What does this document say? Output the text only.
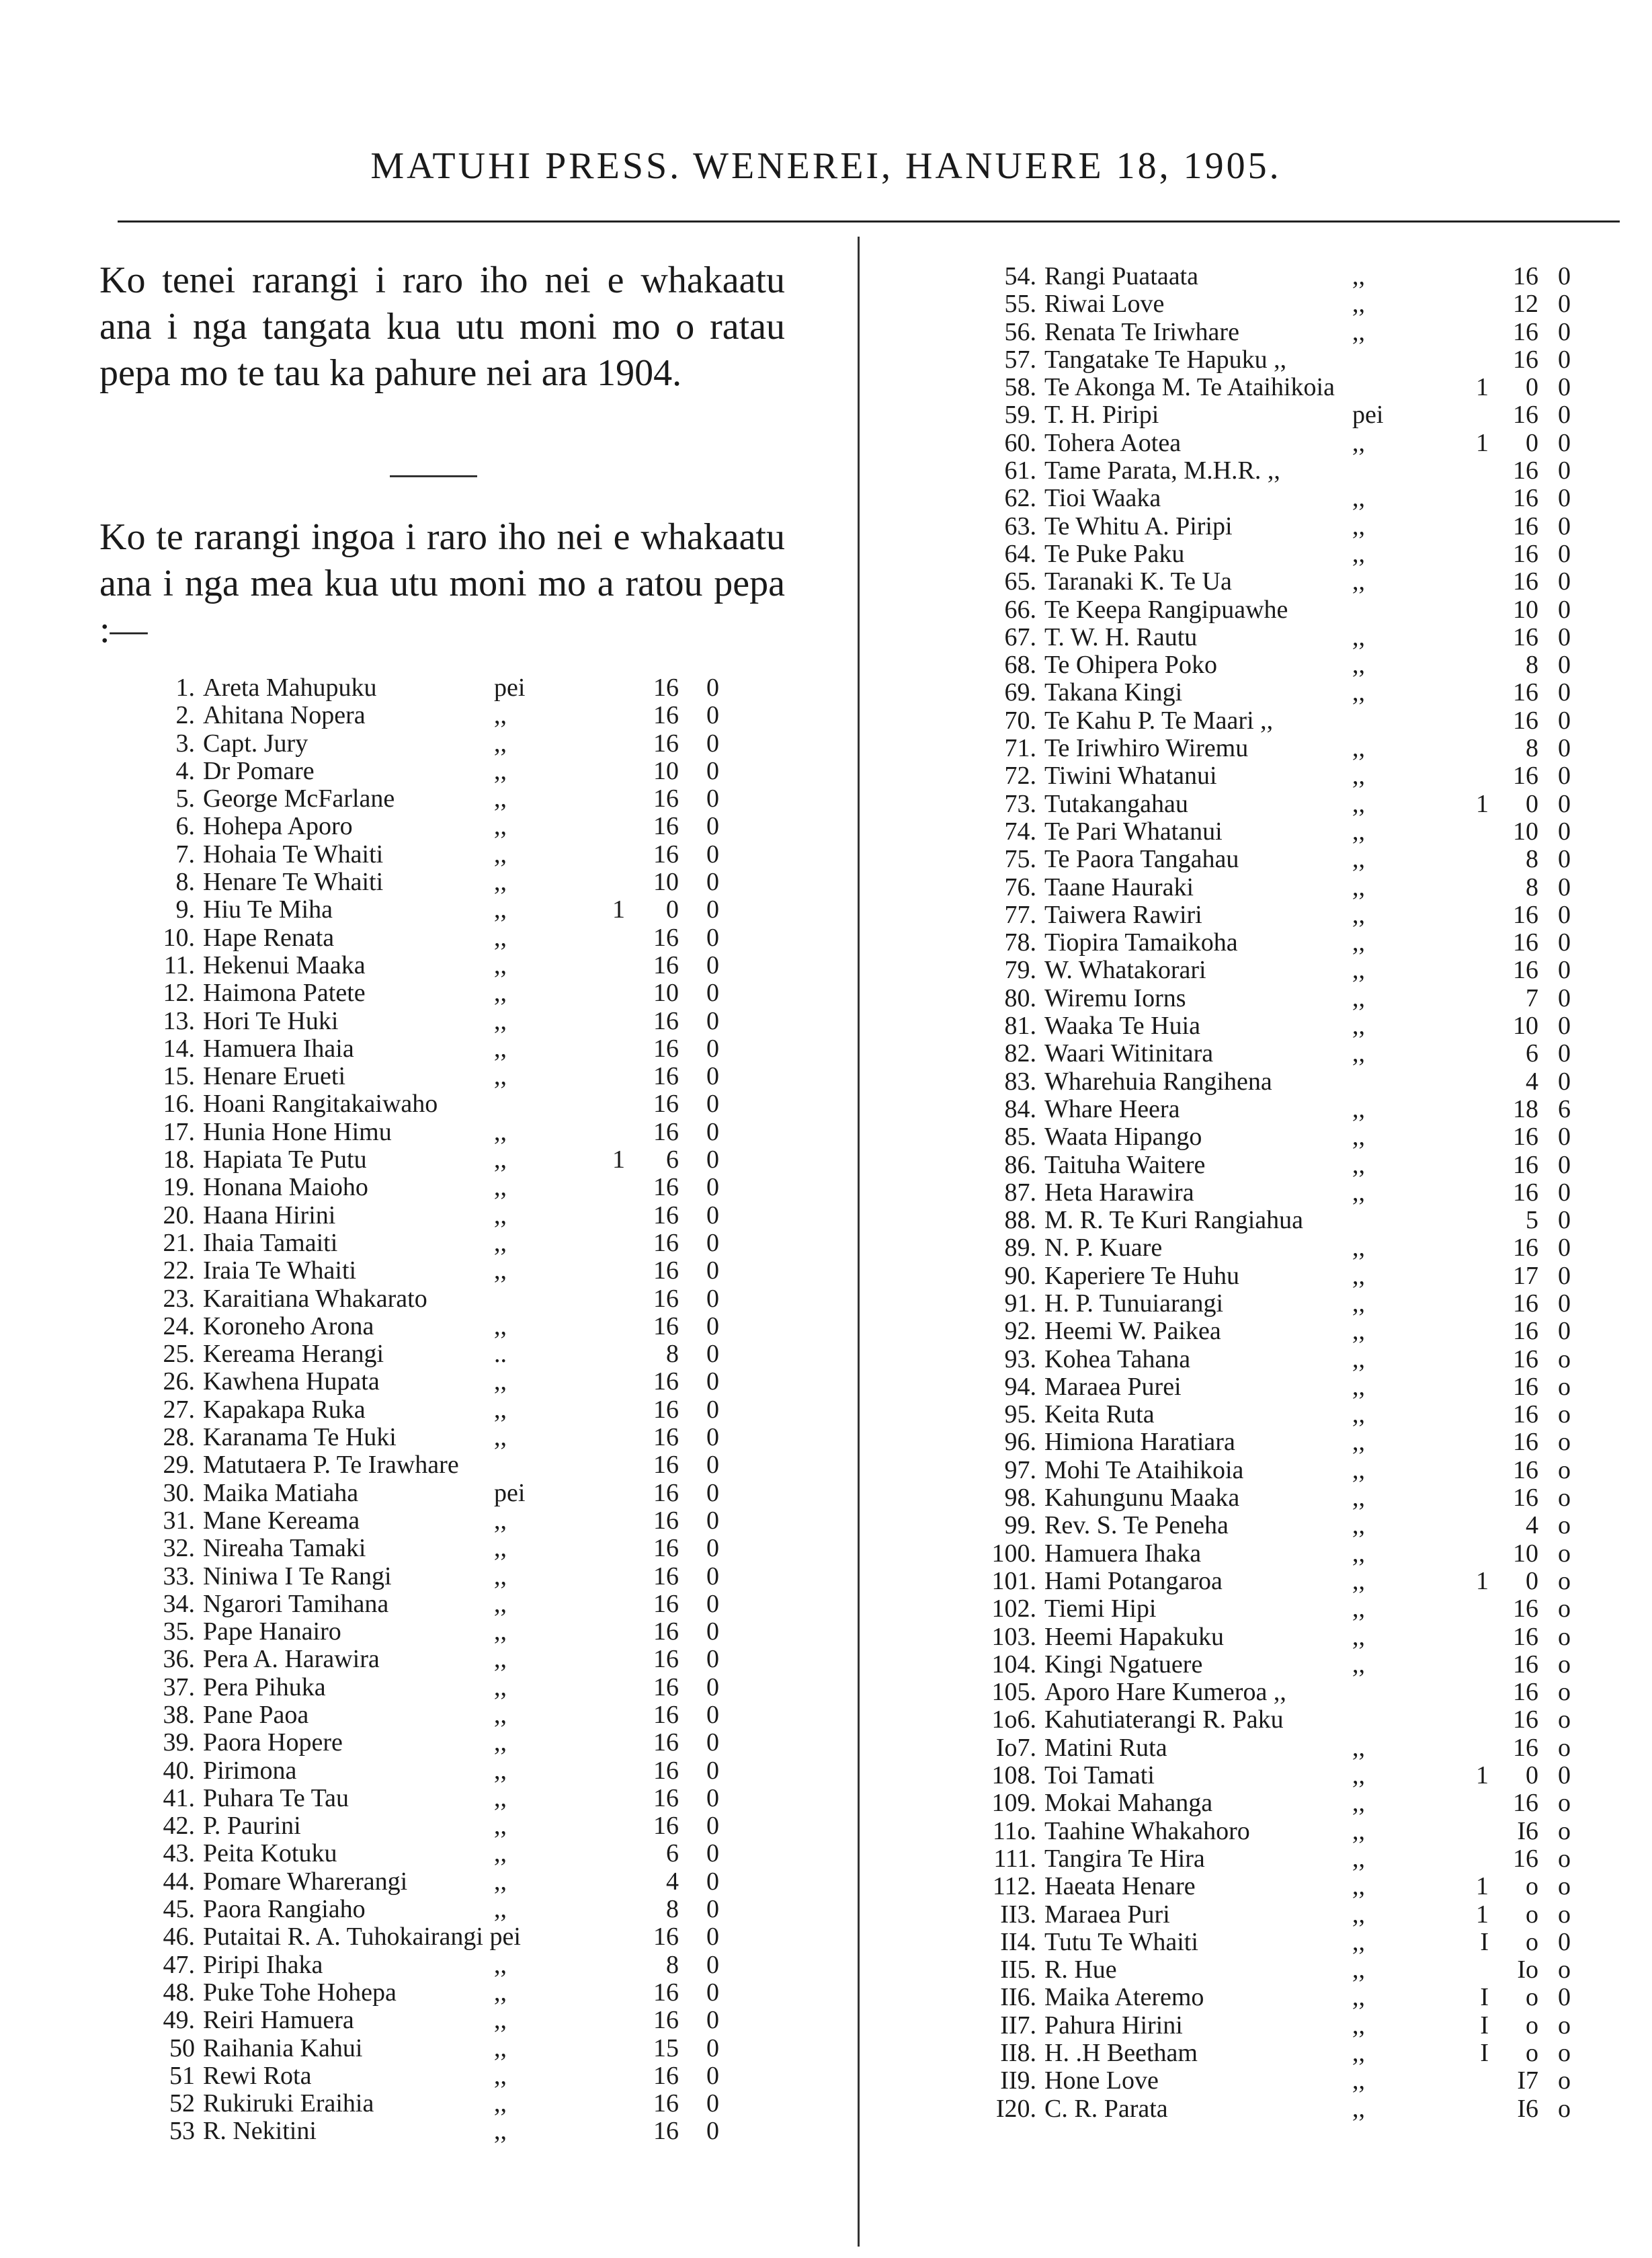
MATUHI PRESS. WENEREI, HANUERE 18, 1905.

Ko tenei rarangi i raro iho nei e whakaatu ana i nga tangata kua utu moni mo o ratau pepa mo te tau ka pahure nei ara 1904.

Ko te rarangi ingoa i raro iho nei e whakaatu ana i nga mea kua utu moni mo a ratou pepa :—

1. Areta Mahupuku	pei	16	0
2. Ahitana Nopera	,,	16	0
3. Capt. Jury	,,	16	0
4. Dr Pomare	,,	10	0
5. George McFarlane	,,	16	0
6. Hohepa Aporo	,,	16	0
7. Hohaia Te Whaiti	,,	16	0
8. Henare Te Whaiti	,,	10	0
9. Hiu Te Miha	,,	1	0	0
10. Hape Renata	,,	16	0
11. Hekenui Maaka	,,	16	0
12. Haimona Patete	,,	10	0
13. Hori Te Huki	,,	16	0
14. Hamuera Ihaia	,,	16	0
15. Henare Erueti	,,	16	0
16. Hoani Rangitakaiwaho	16	0
17. Hunia Hone Himu	,,	16	0
18. Hapiata Te Putu	,,	1	6	0
19. Honana Maioho	,,	16	0
20. Haana Hirini	,,	16	0
21. Ihaia Tamaiti	,,	16	0
22. Iraia Te Whaiti	,,	16	0
23. Karaitiana Whakarato	16	0
24. Koroneho Arona	,,	16	0
25. Kereama Herangi	..	8	0
26. Kawhena Hupata	,,	16	0
27. Kapakapa Ruka	,,	16	0
28. Karanama Te Huki	,,	16	0
29. Matutaera P. Te Irawhare	16	0
30. Maika Matiaha	pei	16	0
31. Mane Kereama	,,	16	0
32. Nireaha Tamaki	,,	16	0
33. Niniwa I Te Rangi	,,	16	0
34. Ngarori Tamihana	,,	16	0
35. Pape Hanairo	,,	16	0
36. Pera A. Harawira	,,	16	0
37. Pera Pihuka	,,	16	0
38. Pane Paoa	,,	16	0
39. Paora Hopere	,,	16	0
40. Pirimona	,,	16	0
41. Puhara Te Tau	,,	16	0
42. P. Paurini	,,	16	0
43. Peita Kotuku	,,	6	0
44. Pomare Wharerangi	,,	4	0
45. Paora Rangiaho	,,	8	0
46. Putaitai R. A. Tuhokairangi pei	16	0
47. Piripi Ihaka	,,	8	0
48. Puke Tohe Hohepa	,,	16	0
49. Reiri Hamuera	,,	16	0
50 Raihania Kahui	,,	15	0
51 Rewi Rota	,,	16	0
52 Rukiruki Eraihia	,,	16	0
53 R. Nekitini	,,	16	0
54. Rangi Puataata	,,	16 0
55. Riwai Love	,,	12 0
56. Renata Te Iriwhare	,,	16 0
57. Tangatake Te Hapuku ,,	16 0
58. Te Akonga M. Te Ataihikoia	1	0 0
59. T. H. Piripi	pei	16 0
60. Tohera Aotea	,,	1	0 0
61. Tame Parata, M.H.R. ,,	16 0
62. Tioi Waaka	,,	16 0
63. Te Whitu A. Piripi	,,	16 0
64. Te Puke Paku	,,	16 0
65. Taranaki K. Te Ua	,,	16 0
66. Te Keepa Rangipuawhe	10 0
67. T. W. H. Rautu	,,	16 0
68. Te Ohipera Poko	,,	8 0
69. Takana Kingi	,,	16 0
70. Te Kahu P. Te Maari ,,	16 0
71. Te Iriwhiro Wiremu	,,	8 0
72. Tiwini Whatanui	,,	16 0
73. Tutakangahau	,,	1	0 0
74. Te Pari Whatanui	,,	10 0
75. Te Paora Tangahau	,,	8 0
76. Taane Hauraki	,,	8 0
77. Taiwera Rawiri	,,	16 0
78. Tiopira Tamaikoha	,,	16 0
79. W. Whatakorari	,,	16 0
80. Wiremu Iorns	,,	7 0
81. Waaka Te Huia	,,	10 0
82. Waari Witinitara	,,	6 0
83. Wharehuia Rangihena	4 0
84. Whare Heera	,,	18 6
85. Waata Hipango	,,	16 0
86. Taituha Waitere	,,	16 0
87. Heta Harawira	,,	16 0
88. M. R. Te Kuri Rangiahua	5 0
89. N. P. Kuare	,,	16 0
90. Kaperiere Te Huhu	,,	17 0
91. H. P. Tunuiarangi	,,	16 0
92. Heemi W. Paikea	,,	16 0
93. Kohea Tahana	,,	16 o
94. Maraea Purei	,,	16 o
95. Keita Ruta	,,	16 o
96. Himiona Haratiara	,,	16 o
97. Mohi Te Ataihikoia	,,	16 o
98. Kahungunu Maaka	,,	16 o
99. Rev. S. Te Peneha	,,	4 o
100. Hamuera Ihaka	,,	10 o
101. Hami Potangaroa	,,	1	0 o
102. Tiemi Hipi	,,	16 o
103. Heemi Hapakuku	,,	16 o
104. Kingi Ngatuere	,,	16 o
105. Aporo Hare Kumeroa ,,	16 o
1o6. Kahutiaterangi R. Paku	16 o
Io7. Matini Ruta	,,	16 o
108. Toi Tamati	,,	1	0 0
109. Mokai Mahanga	,,	16 o
11o. Taahine Whakahoro	,,	I6 o
111. Tangira Te Hira	,,	16 o
112. Haeata Henare	,,	1	o o
II3. Maraea Puri	,,	1	o o
II4. Tutu Te Whaiti	,,	I	o 0
II5. R. Hue	,,	Io o
II6. Maika Ateremo	,,	I	o 0
II7. Pahura Hirini	,,	I	o o
II8. H. .H Beetham	,,	I	o o
II9. Hone Love	,,	I7 o
I20. C. R. Parata	,,	I6 o
